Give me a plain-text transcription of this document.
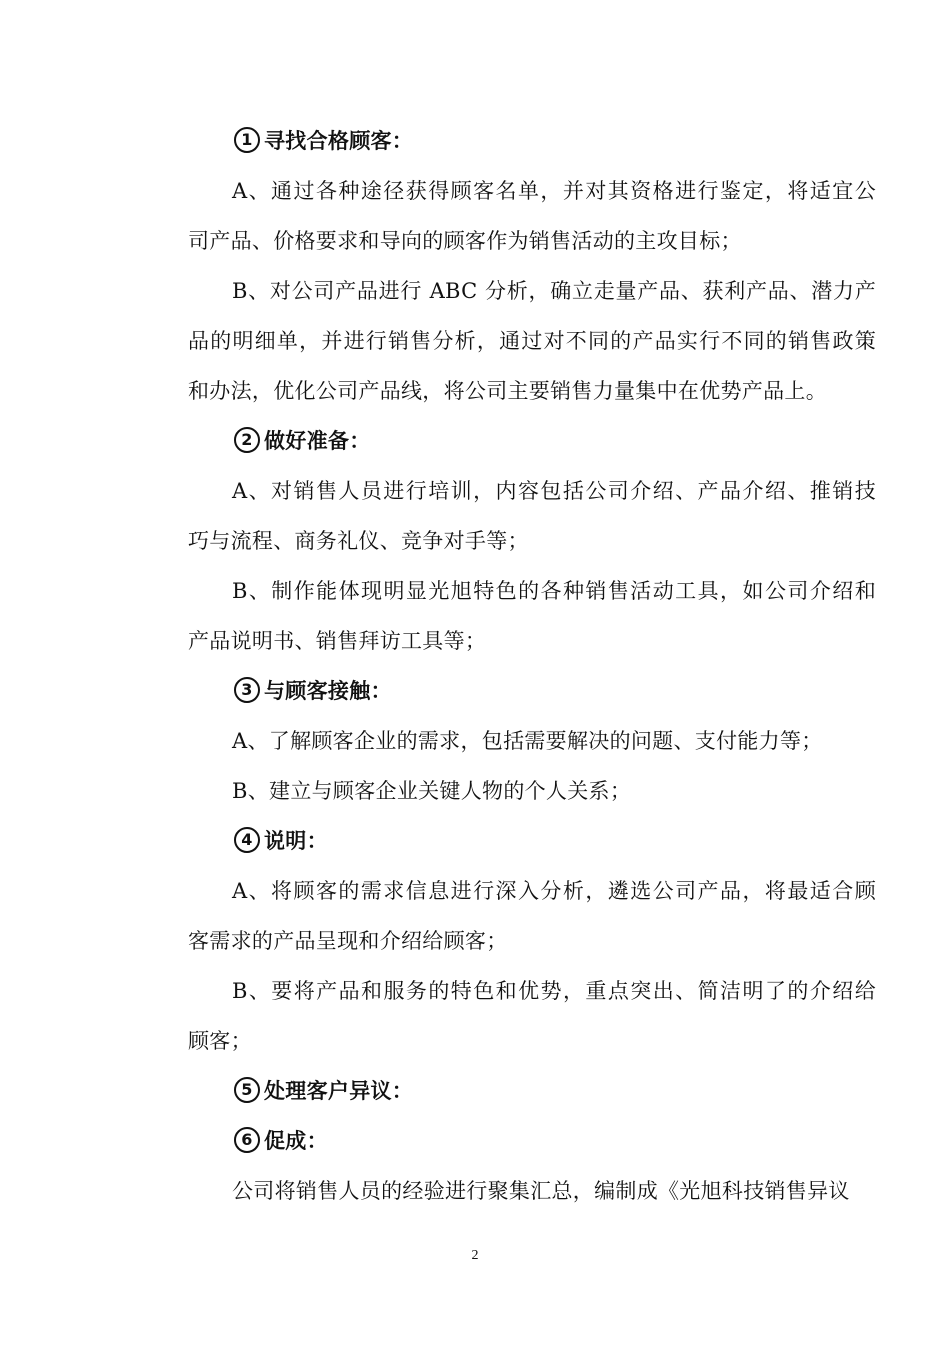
1 寻找合格顾客：
A、通过各种途径获得顾客名单，并对其资格进行鉴定，将适宜公
司产品、价格要求和导向的顾客作为销售活动的主攻目标；
B、对公司产品进行 ABC 分析，确立走量产品、获利产品、潜力产
品的明细单，并进行销售分析，通过对不同的产品实行不同的销售政策
和办法，优化公司产品线，将公司主要销售力量集中在优势产品上。
2 做好准备：
A、对销售人员进行培训，内容包括公司介绍、产品介绍、推销技
巧与流程、商务礼仪、竞争对手等；
B、制作能体现明显光旭特色的各种销售活动工具，如公司介绍和
产品说明书、销售拜访工具等；
3 与顾客接触：
A、了解顾客企业的需求，包括需要解决的问题、支付能力等；
B、建立与顾客企业关键人物的个人关系；
4 说明：
A、将顾客的需求信息进行深入分析，遴选公司产品，将最适合顾
客需求的产品呈现和介绍给顾客；
B、要将产品和服务的特色和优势，重点突出、简洁明了的介绍给
顾客；
5 处理客户异议：
6 促成：
公司将销售人员的经验进行聚集汇总，编制成《光旭科技销售异议
2
